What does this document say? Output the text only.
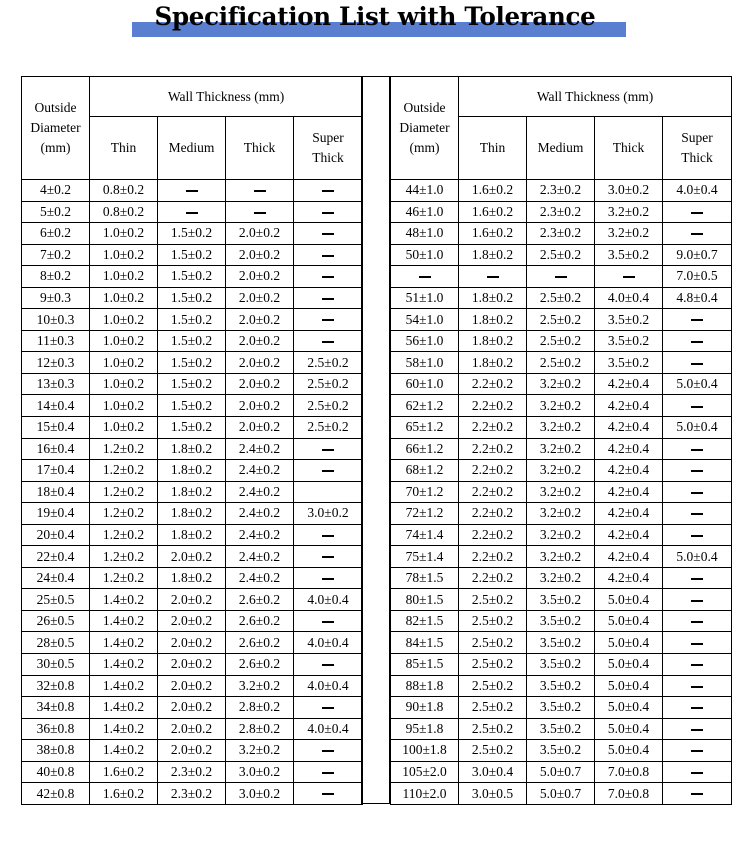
Specification List with Tolerance
Outside
Diameter
(mm)	Wall Thickness (mm)			
	Thin	Medium	Thick	Super
Thick

4±0.2	0.8±0.2			
5±0.2	0.8±0.2			
6±0.2	1.0±0.2	1.5±0.2	2.0±0.2	
7±0.2	1.0±0.2	1.5±0.2	2.0±0.2	
8±0.2	1.0±0.2	1.5±0.2	2.0±0.2	
9±0.3	1.0±0.2	1.5±0.2	2.0±0.2	
10±0.3	1.0±0.2	1.5±0.2	2.0±0.2	
11±0.3	1.0±0.2	1.5±0.2	2.0±0.2	
12±0.3	1.0±0.2	1.5±0.2	2.0±0.2	2.5±0.2
13±0.3	1.0±0.2	1.5±0.2	2.0±0.2	2.5±0.2
14±0.4	1.0±0.2	1.5±0.2	2.0±0.2	2.5±0.2
15±0.4	1.0±0.2	1.5±0.2	2.0±0.2	2.5±0.2
16±0.4	1.2±0.2	1.8±0.2	2.4±0.2	
17±0.4	1.2±0.2	1.8±0.2	2.4±0.2	
18±0.4	1.2±0.2	1.8±0.2	2.4±0.2	
19±0.4	1.2±0.2	1.8±0.2	2.4±0.2	3.0±0.2
20±0.4	1.2±0.2	1.8±0.2	2.4±0.2	
22±0.4	1.2±0.2	2.0±0.2	2.4±0.2	
24±0.4	1.2±0.2	1.8±0.2	2.4±0.2	
25±0.5	1.4±0.2	2.0±0.2	2.6±0.2	4.0±0.4
26±0.5	1.4±0.2	2.0±0.2	2.6±0.2	
28±0.5	1.4±0.2	2.0±0.2	2.6±0.2	4.0±0.4
30±0.5	1.4±0.2	2.0±0.2	2.6±0.2	
32±0.8	1.4±0.2	2.0±0.2	3.2±0.2	4.0±0.4
34±0.8	1.4±0.2	2.0±0.2	2.8±0.2	
36±0.8	1.4±0.2	2.0±0.2	2.8±0.2	4.0±0.4
38±0.8	1.4±0.2	2.0±0.2	3.2±0.2	
40±0.8	1.6±0.2	2.3±0.2	3.0±0.2	
42±0.8	1.6±0.2	2.3±0.2	3.0±0.2	
Outside
Diameter
(mm)	Wall Thickness (mm)			
	Thin	Medium	Thick	Super
Thick

44±1.0	1.6±0.2	2.3±0.2	3.0±0.2	4.0±0.4
46±1.0	1.6±0.2	2.3±0.2	3.2±0.2	
48±1.0	1.6±0.2	2.3±0.2	3.2±0.2	
50±1.0	1.8±0.2	2.5±0.2	3.5±0.2	9.0±0.7
				7.0±0.5
51±1.0	1.8±0.2	2.5±0.2	4.0±0.4	4.8±0.4
54±1.0	1.8±0.2	2.5±0.2	3.5±0.2	
56±1.0	1.8±0.2	2.5±0.2	3.5±0.2	
58±1.0	1.8±0.2	2.5±0.2	3.5±0.2	
60±1.0	2.2±0.2	3.2±0.2	4.2±0.4	5.0±0.4
62±1.2	2.2±0.2	3.2±0.2	4.2±0.4	
65±1.2	2.2±0.2	3.2±0.2	4.2±0.4	5.0±0.4
66±1.2	2.2±0.2	3.2±0.2	4.2±0.4	
68±1.2	2.2±0.2	3.2±0.2	4.2±0.4	
70±1.2	2.2±0.2	3.2±0.2	4.2±0.4	
72±1.2	2.2±0.2	3.2±0.2	4.2±0.4	
74±1.4	2.2±0.2	3.2±0.2	4.2±0.4	
75±1.4	2.2±0.2	3.2±0.2	4.2±0.4	5.0±0.4
78±1.5	2.2±0.2	3.2±0.2	4.2±0.4	
80±1.5	2.5±0.2	3.5±0.2	5.0±0.4	
82±1.5	2.5±0.2	3.5±0.2	5.0±0.4	
84±1.5	2.5±0.2	3.5±0.2	5.0±0.4	
85±1.5	2.5±0.2	3.5±0.2	5.0±0.4	
88±1.8	2.5±0.2	3.5±0.2	5.0±0.4	
90±1.8	2.5±0.2	3.5±0.2	5.0±0.4	
95±1.8	2.5±0.2	3.5±0.2	5.0±0.4	
100±1.8	2.5±0.2	3.5±0.2	5.0±0.4	
105±2.0	3.0±0.4	5.0±0.7	7.0±0.8	
110±2.0	3.0±0.5	5.0±0.7	7.0±0.8	
